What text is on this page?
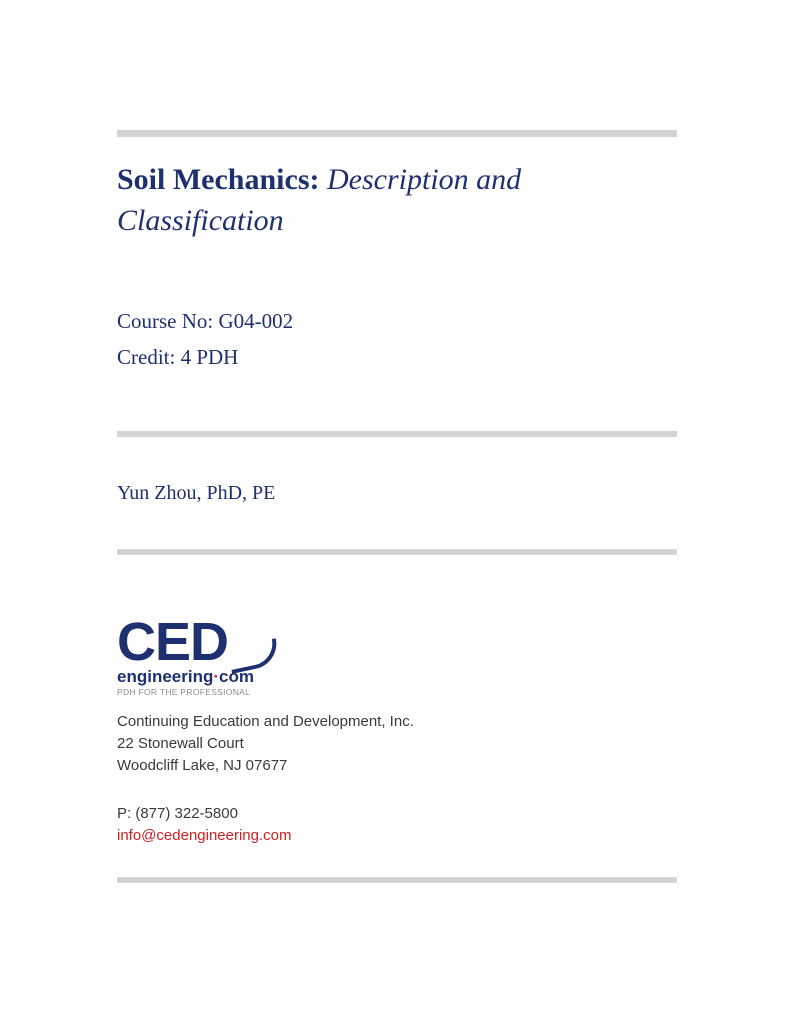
Soil Mechanics: Description and Classification
Course No: G04-002
Credit: 4 PDH
Yun Zhou, PhD, PE
CED
engineering·com
PDH FOR THE PROFESSIONAL
Continuing Education and Development, Inc.
22 Stonewall Court
Woodcliff Lake, NJ 07677
P: (877) 322-5800
info@cedengineering.com
